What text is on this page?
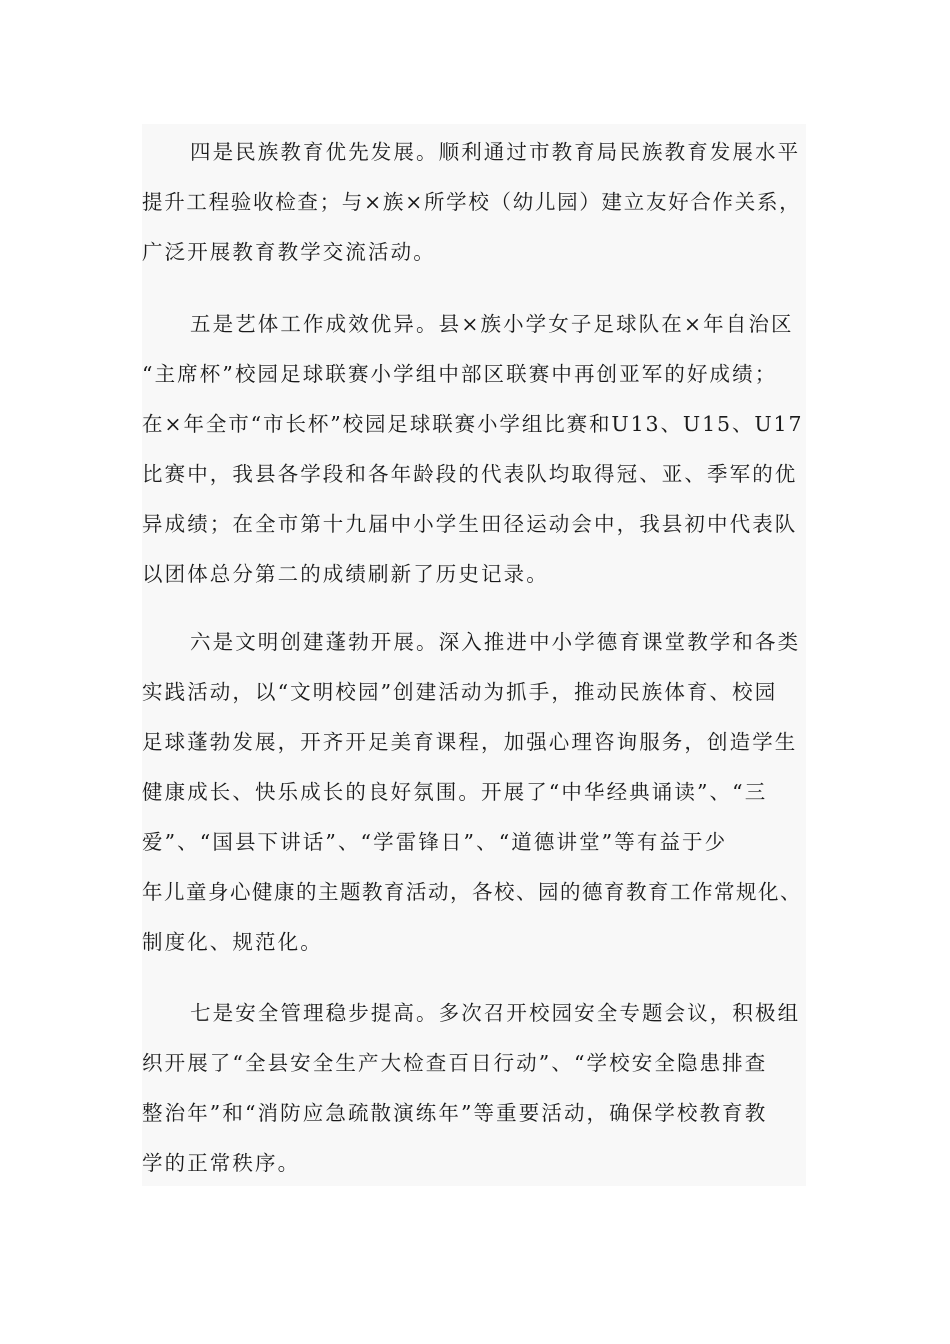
四是民族教育优先发展。顺利通过市教育局民族教育发展水平
提升工程验收检查；与×族×所学校（幼儿园）建立友好合作关系，
广泛开展教育教学交流活动。
五是艺体工作成效优异。县×族小学女子足球队在×年自治区
“主席杯”校园足球联赛小学组中部区联赛中再创亚军的好成绩；
在×年全市“市长杯”校园足球联赛小学组比赛和U13、U15、U17
比赛中，我县各学段和各年龄段的代表队均取得冠、亚、季军的优
异成绩；在全市第十九届中小学生田径运动会中，我县初中代表队
以团体总分第二的成绩刷新了历史记录。
六是文明创建蓬勃开展。深入推进中小学德育课堂教学和各类
实践活动，以“文明校园”创建活动为抓手，推动民族体育、校园
足球蓬勃发展，开齐开足美育课程，加强心理咨询服务，创造学生
健康成长、快乐成长的良好氛围。开展了“中华经典诵读”、“三
爱”、“国县下讲话”、“学雷锋日”、“道德讲堂”等有益于少
年儿童身心健康的主题教育活动，各校、园的德育教育工作常规化、
制度化、规范化。
七是安全管理稳步提高。多次召开校园安全专题会议，积极组
织开展了“全县安全生产大检查百日行动”、“学校安全隐患排查
整治年”和“消防应急疏散演练年”等重要活动，确保学校教育教
学的正常秩序。
